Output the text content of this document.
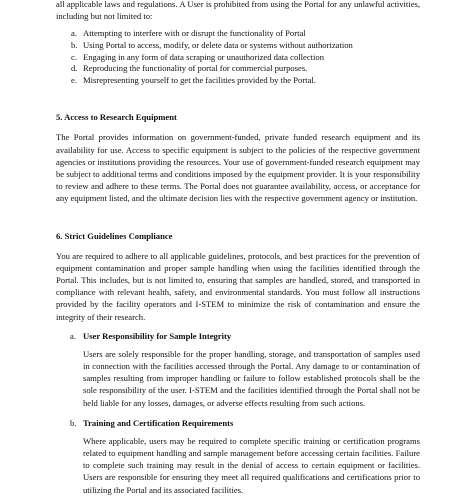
all applicable laws and regulations. A User is prohibited from using the Portal for any unlawful activities, including but not limited to:

a. Attempting to interfere with or disrupt the functionality of Portal
b. Using Portal to access, modify, or delete data or systems without authorization
c. Engaging in any form of data scraping or unauthorized data collection
d. Reproducing the functionality of portal for commercial purposes.
e. Misrepresenting yourself to get the facilities provided by the Portal.
5. Access to Research Equipment

The Portal provides information on government-funded, private funded research equipment and its availability for use. Access to specific equipment is subject to the policies of the respective government agencies or institutions providing the resources. Your use of government-funded research equipment may be subject to additional terms and conditions imposed by the equipment provider. It is your responsibility to review and adhere to these terms. The Portal does not guarantee availability, access, or acceptance for any equipment listed, and the ultimate decision lies with the respective government agency or institution.

6. Strict Guidelines Compliance

You are required to adhere to all applicable guidelines, protocols, and best practices for the prevention of equipment contamination and proper sample handling when using the facilities identified through the Portal. This includes, but is not limited to, ensuring that samples are handled, stored, and transported in compliance with relevant health, safety, and environmental standards. You must follow all instructions provided by the facility operators and I-STEM to minimize the risk of contamination and ensure the integrity of their research.

a. User Responsibility for Sample Integrity

Users are solely responsible for the proper handling, storage, and transportation of samples used in connection with the facilities accessed through the Portal. Any damage to or contamination of samples resulting from improper handling or failure to follow established protocols shall be the sole responsibility of the user. I-STEM and the facilities identified through the Portal shall not be held liable for any losses, damages, or adverse effects resulting from such actions.

b. Training and Certification Requirements

Where applicable, users may be required to complete specific training or certification programs related to equipment handling and sample management before accessing certain facilities. Failure to complete such training may result in the denial of access to certain equipment or facilities. Users are responsible for ensuring they meet all required qualifications and certifications prior to utilizing the Portal and its associated facilities.
